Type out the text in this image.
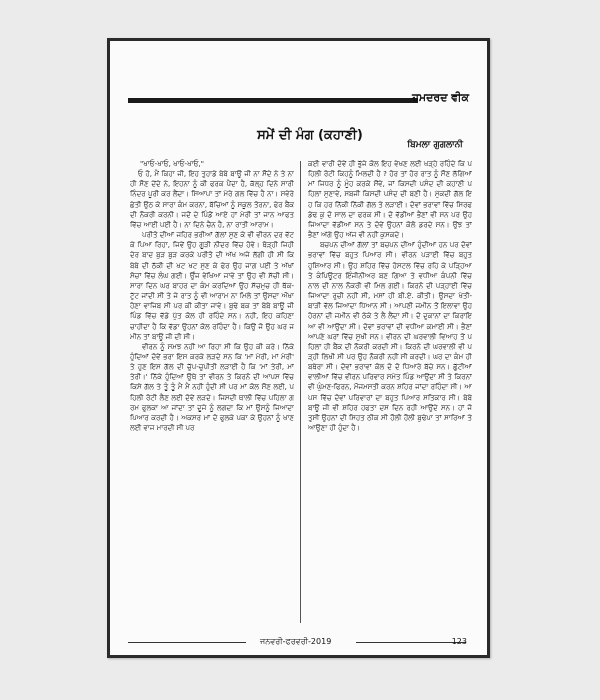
ਹਮਦਰਦ ਵੀਕ
ਸਮੇਂ ਦੀ ਮੰਗ (ਕਹਾਣੀ)
ਬਿਮਲਾ ਗੁਗਲਾਨੀ

"ਖਾਓ-ਖਾਓ, ਖਾਓ-ਖਾਓ,"

ਓ ਹੋ, ਮੈਂ ਕਿਹਾ ਜੀ, ਇਹ ਤੁਹਾਡੇ ਬੇਬੇ ਬਾਊ ਜੀ ਨਾ ਸੌਂਦੇ ਨੇ ਤੇ ਨਾ ਹੀ ਸੌਣ ਦੇਂਦੇ ਨੇ, ਇਹਨਾ ਨੂੰ ਕੀ ਫਰਕ ਪੈਂਦਾ ਹੈ, ਕੱਲ੍ਹ ਦਿਨੇ ਸਾਰੀ ਨਿੰਦਰ ਪੂਰੀ ਕਰ ਲੈਂਦਾ। ਸਿਆਪਾ ਤਾਂ ਮੇਰੇ ਗਲ ਵਿੱਚ ਹੈ ਨਾ। ਸਵੇਰੇ ਛੇਤੀ ਉਠ ਕੇ ਸਾਰਾ ਕੰਮ ਕਰਨਾ, ਬੱਚਿਆਂ ਨੂੰ ਸਕੂਲ ਤੋਰਨਾ, ਫੇਰ ਬੈਂਕ ਦੀ ਨੌਕਰੀ ਕਰਨੀ। ਜਦੋਂ ਦੇ ਪਿੰਡੋਂ ਆਏ ਹਾਂ ਮੇਰੀ ਤਾਂ ਜਾਨ ਆਫਤ ਵਿੱਚ ਆਈ ਪਈ ਹੈ। ਨਾ ਦਿਨੇ ਚੈਨ ਹੈ, ਨਾ ਰਾਤੀ ਆਰਾਮ।

ਪਰੀਤੋ ਦੀਆਂ ਜਹਿਰ ਭਰੀਆਂ ਗੱਲਾਂ ਸੁਣ ਕੇ ਵੀ ਵੀਰਨ ਦਰ ਵੱਟ ਕੇ ਪਿਆ ਰਿਹਾ, ਜਿਵੇਂ ਉਹ ਗੂੜੀ ਨੀਂਦਰ ਵਿੱਚ ਹੋਵੇ। ਥੋੜ੍ਹੀ ਜਿਹੀ ਦੇਰ ਬਾਦ ਬੁੜ ਬੁੜ ਕਰਕੇ ਪਰੀਤੋ ਦੀ ਅੱਖ ਅਜੇ ਲੱਗੀ ਹੀ ਸੀ ਕਿ ਬੇਬੇ ਦੀ ਠੱਕੀ ਦੀ ਖਟ ਖਟ ਸੁਣ ਕੇ ਫੇਰ ਉਹ ਜਾਗ ਪਈ ਤੇ ਅੱਖਾਂ ਸੋਚਾਂ ਵਿੱਚ ਲੰਘ ਗਈ। ਉੰਜ ਵੇਖਿਆ ਜਾਵੇ ਤਾਂ ਉਹ ਵੀ ਸੱਚੀ ਸੀ। ਸਾਰਾ ਦਿਨ ਘਰ ਬਾਹਰ ਦਾ ਕੰਮ ਕਰਦਿਆਂ ਉਹ ਸੱਚਮੁਚ ਹੀ ਥੱਕ-ਟੁੱਟ ਜਾਂਦੀ ਸੀ ਤੇ ਜੇ ਰਾਤ ਨੂੰ ਵੀ ਆਰਾਮ ਨਾ ਮਿਲੇ ਤਾਂ ਉਸਦਾ ਔਖਾ ਹੋਣਾ ਵਾਜਿਬ ਸੀ ਪਰ ਕੀ ਕੀਤਾ ਜਾਵੇ। ਬੁਢੇ ਬਕ ਤਾਂ ਬੇਬੇ ਬਾਊ ਜੀ ਪਿੰਡ ਵਿੱਚ ਵੱਡੇ ਪੁੱਤ ਕੋਲ ਹੀ ਰਹਿੰਦੇ ਸਨ। ਨਹੀਂ, ਇਹ ਕਹਿਣਾ ਚਾਹੀਦਾ ਹੈ ਕਿ ਵੱਡਾ ਉਹਨਾਂ ਕੋਲ ਰਹਿੰਦਾ ਹੈ। ਕਿਉਂ ਜੋ ਉਹ ਘਰ ਜਮੀਨ ਤਾਂ ਬਾਊ ਜੀ ਦੀ ਸੀ।

ਵੀਰਨ ਨੂੰ ਸਮਝ ਨਹੀਂ ਆ ਰਿਹਾ ਸੀ ਕਿ ਉਹ ਕੀ ਕਰੇ। ਨਿੱਕੇ ਹੁੰਦਿਆਂ ਦੋਵੇਂ ਭਰਾ ਇਸ ਕਰਕੇ ਲੜਦੇ ਸਨ ਕਿ 'ਮਾਂ ਮੇਰੀ, ਮਾਂ ਮੇਰੀ' ਤੇ ਹੁਣ ਇਸ ਗੱਲ ਦੀ ਚੁੱਪ-ਚੁਪੀਤੀ ਲੜਾਈ ਹੈ ਕਿ 'ਮਾਂ ਤੇਰੀ, ਮਾਂ ਤੇਰੀ।' ਨਿੱਕੇ ਹੁੰਦਿਆਂ ਉਥੇ ਤਾਂ ਵੀਰਨ ਤੇ ਕਿਰਨੋ ਦੀ ਆਪਸ ਵਿੱਚ ਕਿਸੇ ਗੱਲ ਤੇ ਤੂੰ ਤੂੰ ਮੈਂ ਮੈਂ ਨਹੀਂ ਹੁੰਦੀ ਸੀ ਪਰ ਮਾਂ ਕੋਲ ਸੌਣ ਲਈ, ਪਹਿਲੀ ਰੋਟੀ ਲੈਣ ਲਈ ਦੋਵੇਂ ਲੜਦੇ। ਜਿਸਦੀ ਥਾਲੀ ਵਿੱਚ ਪਹਿਲਾ ਗਰਮ ਫੁਲਕਾ ਆ ਜਾਂਦਾ ਤਾਂ ਦੂਜੇ ਨੂੰ ਲਗਦਾ ਕਿ ਮਾਂ ਉਸਨੂੰ ਜਿਆਦਾ ਪਿਆਰ ਕਰਦੀ ਹੈ। ਅਕਸਰ ਮਾਂ ਦੋ ਫੁਲਕੇ ਪਕਾ ਕੇ ਉਹਨਾਂ ਨੂੰ ਖਾਣ ਲਈ ਵਾਜ ਮਾਰਦੀ ਸੀ ਪਰ

ਕਈ ਵਾਰੀ ਦੋਵੇਂ ਹੀ ਭੁੱਜੇ ਕੋਲ ਇਹ ਵੇਖਣ ਲਈ ਖੜ੍ਹੇ ਰਹਿੰਦੇ ਕਿ ਪਹਿਲੀ ਰੋਟੀ ਕਿਹਨੂੰ ਮਿਲਦੀ ਹੈ ? ਹੋਰ ਤਾਂ ਹੋਰ ਰਾਤ ਨੂੰ ਸੌਣ ਲੱਗਿਆਂ ਮਾਂ ਜਿਧਰ ਨੂੰ ਮੂੰਹ ਕਰਕੇ ਸੌਂਵੇ, ਜਾਂ ਕਿਸਦੀ ਪਸੰਦ ਦੀ ਕਹਾਣੀ ਪਹਿਲਾਂ ਸੁਣਾਵੇ, ਸਬਜੀ ਕਿਸਦੀ ਪਸੰਦ ਦੀ ਬਣੀ ਹੈ। ਮੁੱਕਦੀ ਗੱਲ ਇਹ ਕਿ ਹਰ ਨਿੱਕੀ ਨਿੱਕੀ ਗੱਲ ਤੇ ਲੜਾਈ। ਦੋਵਾਂ ਭਰਾਵਾਂ ਵਿੱਚ ਸਿਰਫ ਡੇਢ ਕੁ ਦੋ ਸਾਲ ਦਾ ਫਰਕ ਸੀ। ਦੋ ਵੱਡੀਆਂ ਭੈਣਾਂ ਵੀ ਸਨ ਪਰ ਉਹ ਜਿਆਦਾ ਵੱਡੀਆਂ ਸਨ ਤੇ ਦੋਵੇਂ ਉਹਨਾਂ ਕੋਲੋ ਡਰਦੇ ਸਨ। ਉਂਝ ਤਾਂ ਭੈਣਾਂ ਅੱਗੇ ਉਹ ਅੱਜ ਵੀ ਨਹੀਂ ਕੁਸਕਦੇ।

ਬਚਪਨ ਦੀਆਂ ਗੱਲਾਂ ਤਾਂ ਬਚਪਨ ਦੀਆਂ ਹੁੰਦੀਆਂ ਹਨ ਪਰ ਦੋਵਾਂ ਭਰਾਵਾਂ ਵਿੱਚ ਬਹੁਤ ਪਿਆਰ ਸੀ। ਵੀਰਨ ਪੜਾਈ ਵਿੱਚ ਬਹੁਤ ਹੁਸ਼ਿਆਰ ਸੀ। ਉਹ ਸ਼ਹਿਰ ਵਿੱਚ ਹੋਸਟਲ ਵਿੱਚ ਰਹਿ ਕੇ ਪੜ੍ਹਿਆ ਤੇ ਕੰਪਿਊਟਰ ਇੰਜੀਨੀਅਰ ਬਣ ਗਿਆ ਤੇ ਵਧੀਆ ਕੰਪਨੀ ਵਿੱਚ ਨਾਲ ਦੀ ਨਾਲ ਨੌਕਰੀ ਵੀ ਮਿਲ ਗਈ। ਕਿਰਨੋ ਦੀ ਪੜ੍ਹਾਈ ਵਿੱਚ ਜਿਆਦਾ ਰੁਚੀ ਨਹੀਂ ਸੀ, ਮਸਾਂ ਹੀ ਬੀ.ਏ. ਕੀਤੀ। ਉਸਦਾ ਖੇਤੀ-ਬਾੜੀ ਵੱਲ ਜਿਆਦਾ ਧਿਆਨ ਸੀ। ਆਪਣੀ ਜਮੀਨ ਤੋਂ ਇਲਾਵਾ ਉਹ ਹੋਰਨਾਂ ਦੀ ਜਮੀਨ ਵੀ ਠੇਕੇ ਤੇ ਲੈ ਲੈਂਦਾ ਸੀ। ਦੋ ਦੁਕਾਨਾਂ ਦਾ ਕਿਰਾਇਆ ਵੀ ਆਉਂਦਾ ਸੀ। ਦੋਵਾਂ ਭਰਾਵਾਂ ਦੀ ਵਧੀਆ ਕਮਾਈ ਸੀ। ਭੈਣਾਂ ਆਪਣੇ ਘਰਾਂ ਵਿੱਚ ਸੁਖੀ ਸਨ। ਵੀਰਨ ਦੀ ਘਰਵਾਲੀ ਵਿਆਹ ਤੋਂ ਪਹਿਲਾਂ ਹੀ ਬੈਂਕ ਦੀ ਨੌਕਰੀ ਕਰਦੀ ਸੀ। ਕਿਰਨੋ ਦੀ ਘਰਵਾਲੀ ਵੀ ਪੜ੍ਹੀ ਲਿਖੀ ਸੀ ਪਰ ਉਹ ਨੌਕਰੀ ਨਹੀਂ ਸੀ ਕਰਦੀ। ਘਰ ਦਾ ਕੰਮ ਹੀ ਬਥੇਰਾ ਸੀ। ਦੋਵਾਂ ਭਰਾਵਾਂ ਕੋਲ ਦੋ ਦੋ ਧਿਆਰੇ ਬੱਚੇ ਸਨ। ਛੁੱਟੀਆਂ ਵਾਲੀਆਂ ਵਿੱਚ ਵੀਰਨ ਪਰਿਵਾਰ ਸਮੇਤ ਪਿੰਡ ਆਉਂਦਾ ਸੀ ਤੇ ਕਿਰਨਾਂ ਵੀ ਘੁੰਮਣ-ਫਿਰਨ, ਮੌਜਮਸਤੀ ਕਰਨ ਸ਼ਹਿਰ ਜਾਂਦਾ ਰਹਿੰਦਾ ਸੀ। ਆਪਸ ਵਿੱਚ ਦੋਵਾਂ ਪਰਿਵਾਰਾਂ ਦਾ ਬਹੁਤ ਪਿਆਰ ਸਤਿਕਾਰ ਸੀ। ਬੇਬੇ ਬਾਊ ਜੀ ਵੀ ਸ਼ਹਿਰ ਹਫਤਾ ਦਸ ਦਿਨ ਰਹੀ ਆਉਂਦੇ ਸਨ। ਹਾਂ ਜੋ ਤੁਸੀਂ ਉਹਨਾਂ ਦੀ ਸਿਹਤ ਠੀਕ ਸੀ ਹੌਲੀ ਹੌਲੀ ਬੁਢੇਪਾ ਤਾਂ ਸਾਰਿਆਂ ਤੇ ਆਉਣਾ ਹੀ ਹੁੰਦਾ ਹੈ।

ਜਨਵਰੀ-ਫਰਵਰੀ-2019	123
